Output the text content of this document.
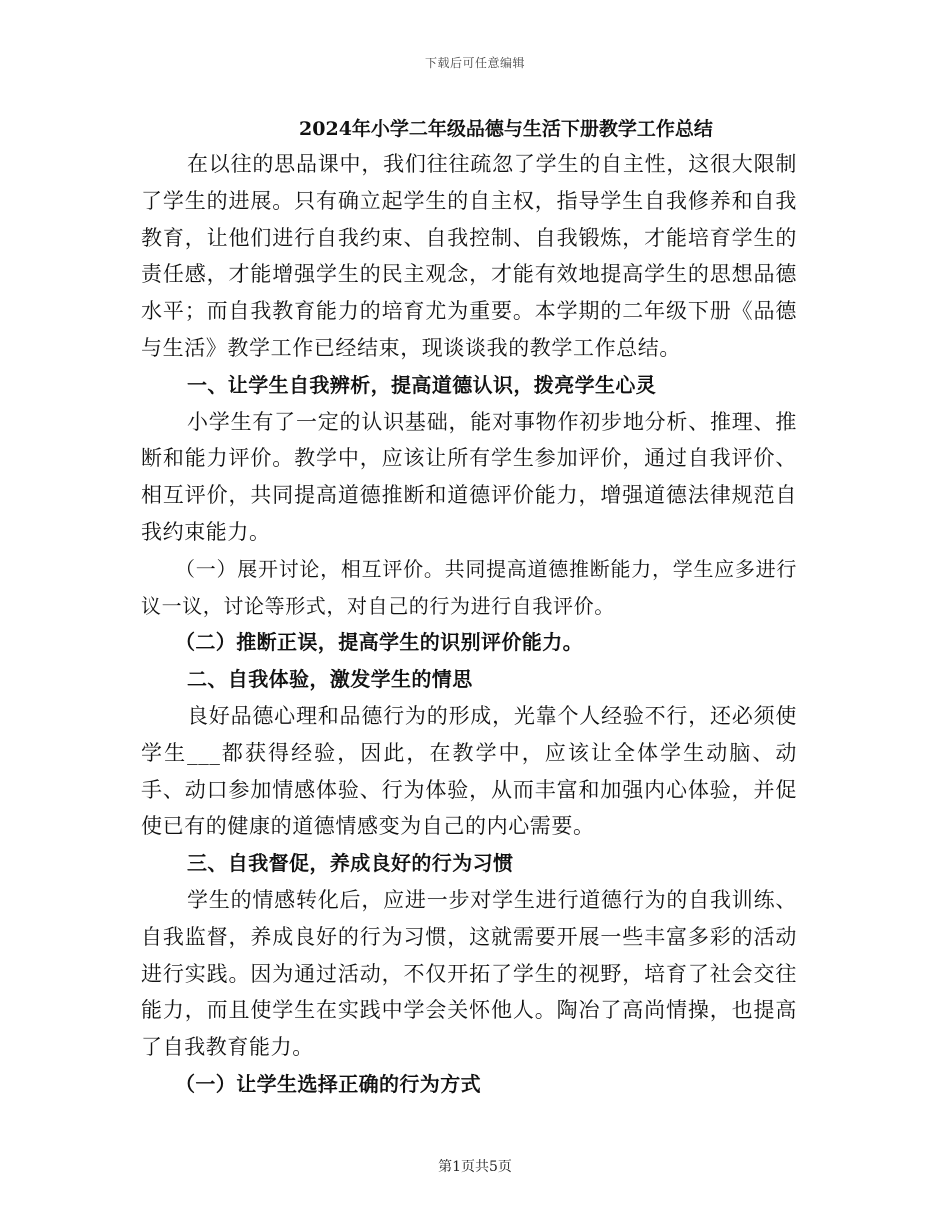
下载后可任意编辑
2024年小学二年级品德与生活下册教学工作总结

在以往的思品课中，我们往往疏忽了学生的自主性，这很大限制了学生的进展。只有确立起学生的自主权，指导学生自我修养和自我教育，让他们进行自我约束、自我控制、自我锻炼，才能培育学生的责任感，才能增强学生的民主观念，才能有效地提高学生的思想品德水平；而自我教育能力的培育尤为重要。本学期的二年级下册《品德与生活》教学工作已经结束，现谈谈我的教学工作总结。

一、让学生自我辨析，提高道德认识，拨亮学生心灵

小学生有了一定的认识基础，能对事物作初步地分析、推理、推断和能力评价。教学中，应该让所有学生参加评价，通过自我评价、相互评价，共同提高道德推断和道德评价能力，增强道德法律规范自我约束能力。

（一）展开讨论，相互评价。共同提高道德推断能力，学生应多进行议一议，讨论等形式，对自己的行为进行自我评价。

（二）推断正误，提高学生的识别评价能力。

二、自我体验，激发学生的情思

良好品德心理和品德行为的形成，光靠个人经验不行，还必须使学生___都获得经验，因此，在教学中，应该让全体学生动脑、动手、动口参加情感体验、行为体验，从而丰富和加强内心体验，并促使已有的健康的道德情感变为自己的内心需要。

三、自我督促，养成良好的行为习惯

学生的情感转化后，应进一步对学生进行道德行为的自我训练、自我监督，养成良好的行为习惯，这就需要开展一些丰富多彩的活动进行实践。因为通过活动，不仅开拓了学生的视野，培育了社会交往能力，而且使学生在实践中学会关怀他人。陶冶了高尚情操，也提高了自我教育能力。

（一）让学生选择正确的行为方式

第1页共5页
